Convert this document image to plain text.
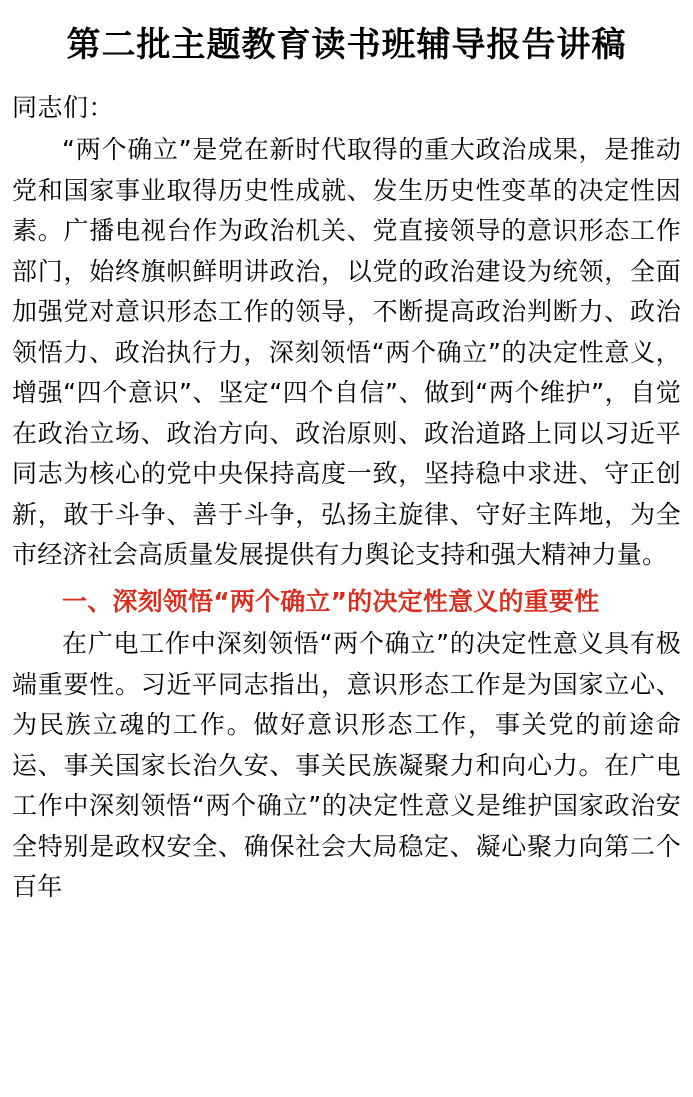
第二批主题教育读书班辅导报告讲稿

同志们：

“两个确立”是党在新时代取得的重大政治成果，是推动党和国家事业取得历史性成就、发生历史性变革的决定性因素。广播电视台作为政治机关、党直接领导的意识形态工作部门，始终旗帜鲜明讲政治，以党的政治建设为统领，全面加强党对意识形态工作的领导，不断提高政治判断力、政治领悟力、政治执行力，深刻领悟“两个确立”的决定性意义，增强“四个意识”、坚定“四个自信”、做到“两个维护”，自觉在政治立场、政治方向、政治原则、政治道路上同以习近平同志为核心的党中央保持高度一致，坚持稳中求进、守正创新，敢于斗争、善于斗争，弘扬主旋律、守好主阵地，为全市经济社会高质量发展提供有力舆论支持和强大精神力量。

一、深刻领悟“两个确立”的决定性意义的重要性

在广电工作中深刻领悟“两个确立”的决定性意义具有极端重要性。习近平同志指出，意识形态工作是为国家立心、为民族立魂的工作。做好意识形态工作，事关党的前途命运、事关国家长治久安、事关民族凝聚力和向心力。在广电工作中深刻领悟“两个确立”的决定性意义是维护国家政治安全特别是政权安全、确保社会大局稳定、凝心聚力向第二个百年
